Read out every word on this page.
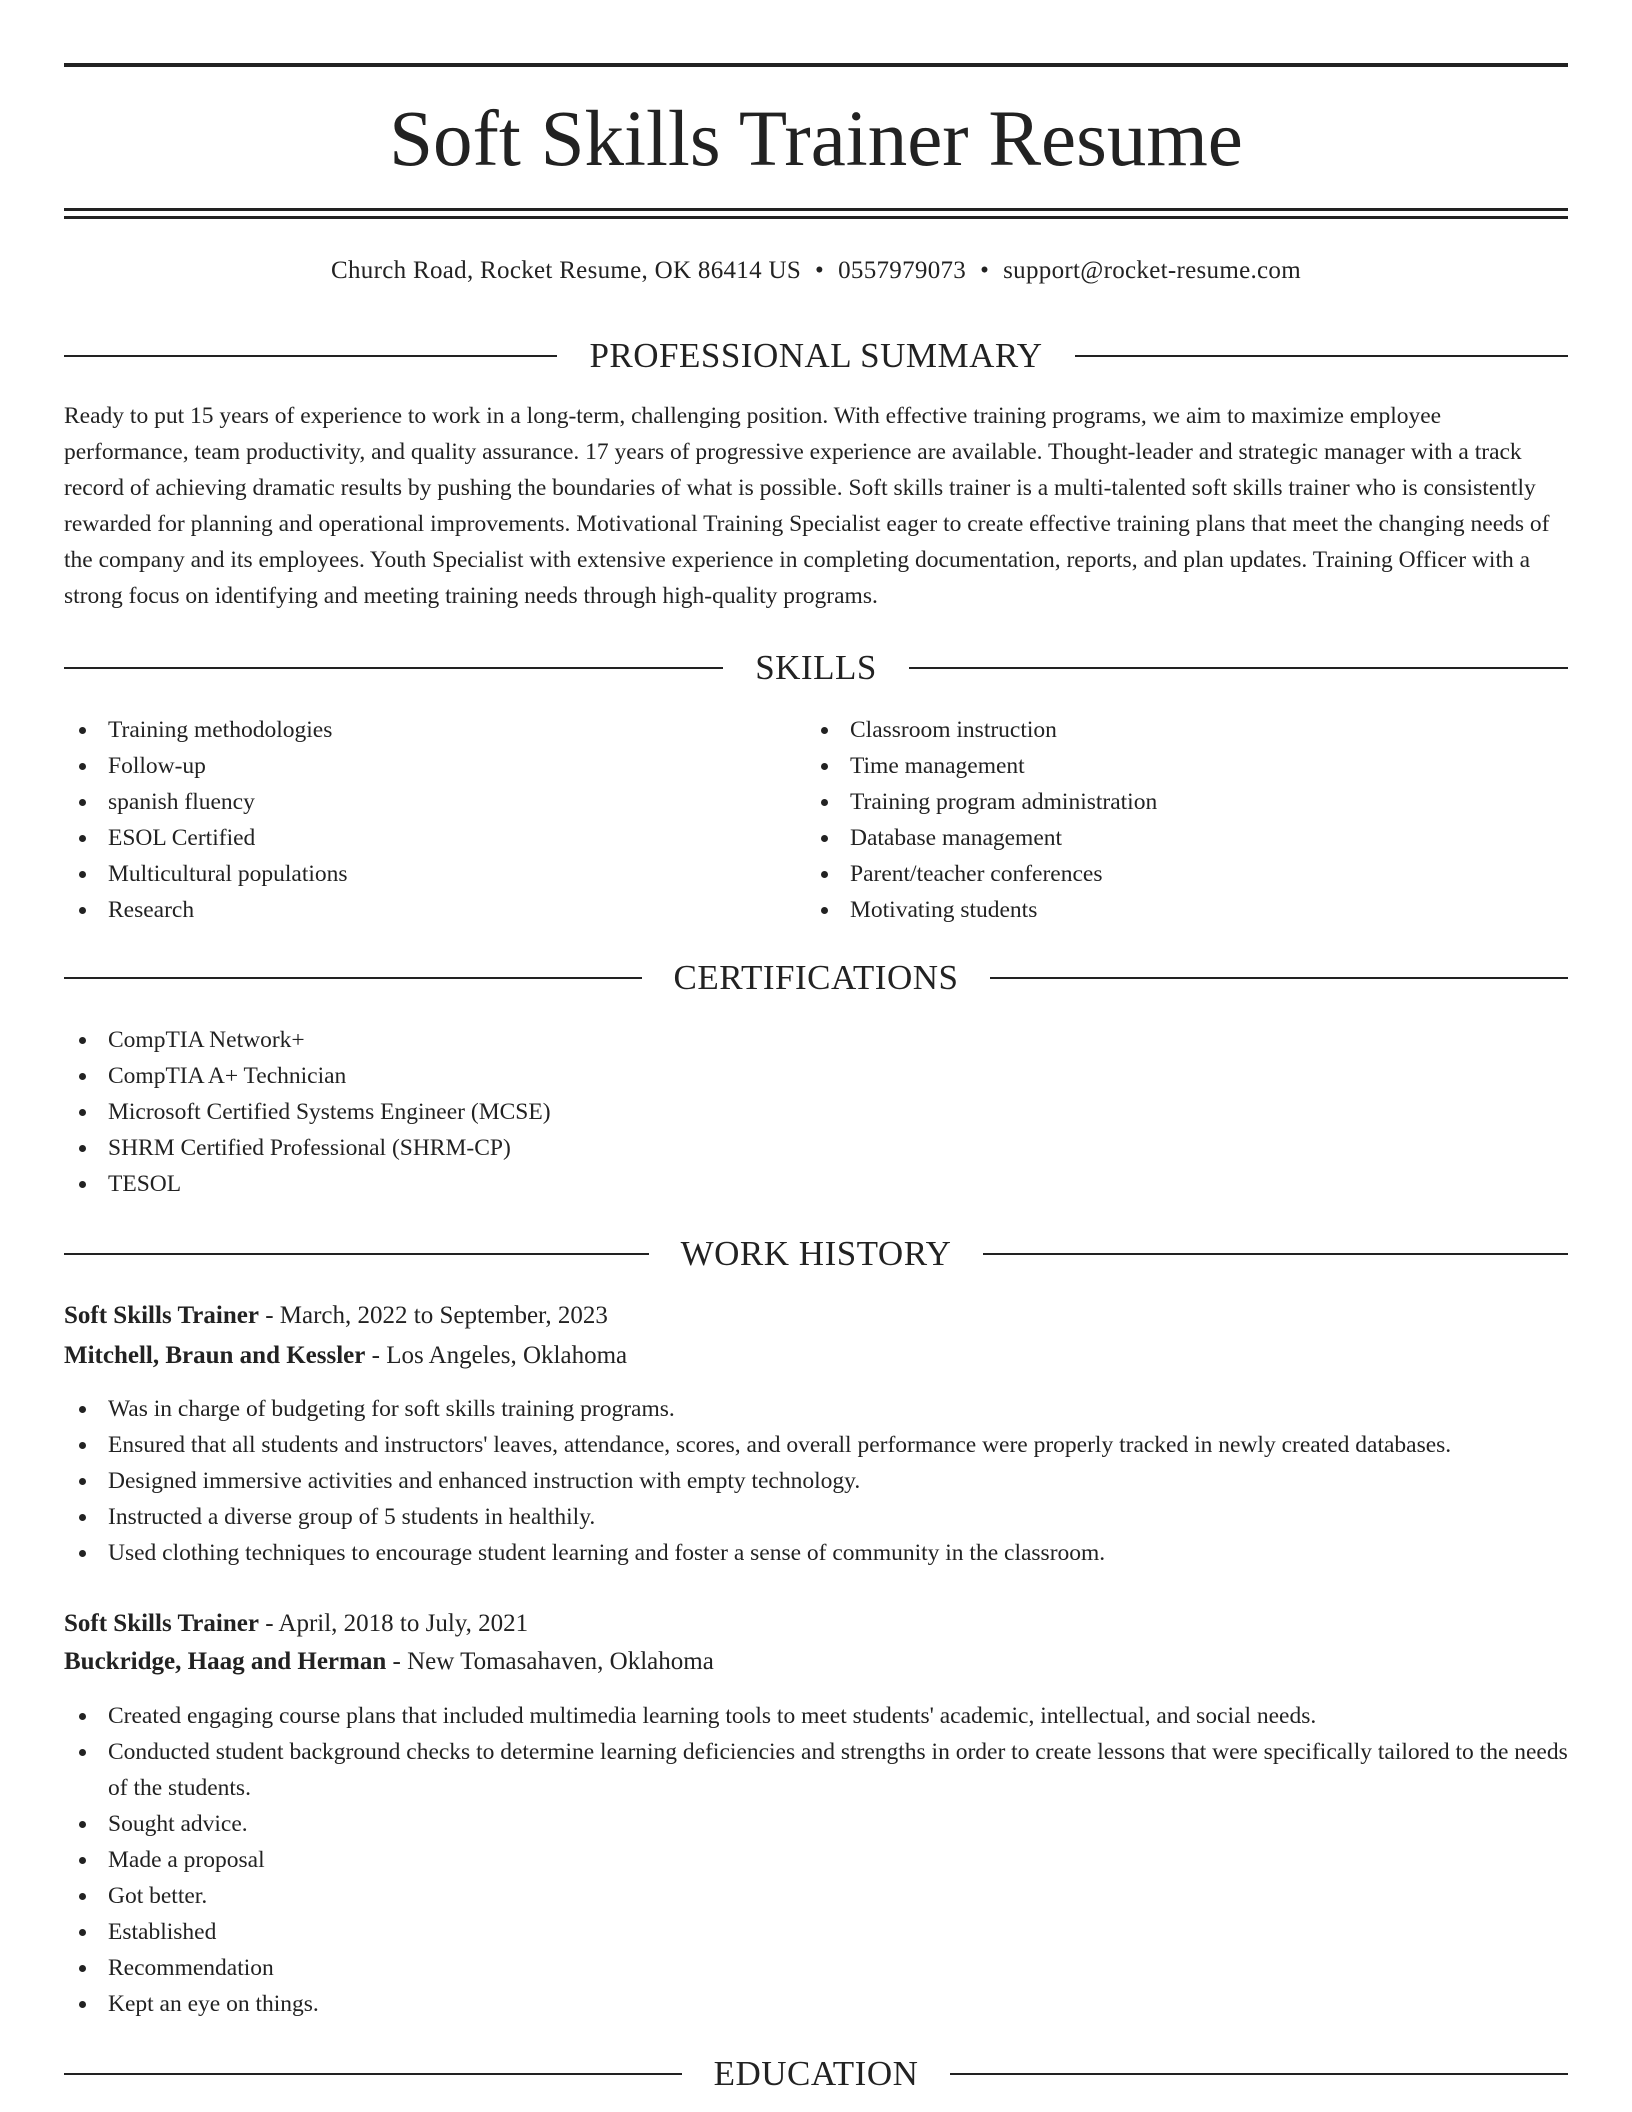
Soft Skills Trainer Resume
Church Road, Rocket Resume, OK 86414 US • 0557979073 • support@rocket-resume.com
PROFESSIONAL SUMMARY

Ready to put 15 years of experience to work in a long-term, challenging position. With effective training programs, we aim to maximize employee performance, team productivity, and quality assurance. 17 years of progressive experience are available. Thought-leader and strategic manager with a track record of achieving dramatic results by pushing the boundaries of what is possible. Soft skills trainer is a multi-talented soft skills trainer who is consistently rewarded for planning and operational improvements. Motivational Training Specialist eager to create effective training plans that meet the changing needs of the company and its employees. Youth Specialist with extensive experience in completing documentation, reports, and plan updates. Training Officer with a strong focus on identifying and meeting training needs through high-quality programs.

SKILLS
Training methodologies
Follow-up
spanish fluency
ESOL Certified
Multicultural populations
Research
Classroom instruction
Time management
Training program administration
Database management
Parent/teacher conferences
Motivating students
CERTIFICATIONS
CompTIA Network+
CompTIA A+ Technician
Microsoft Certified Systems Engineer (MCSE)
SHRM Certified Professional (SHRM-CP)
TESOL
WORK HISTORY
Soft Skills Trainer - March, 2022 to September, 2023
Mitchell, Braun and Kessler - Los Angeles, Oklahoma
Was in charge of budgeting for soft skills training programs.
Ensured that all students and instructors' leaves, attendance, scores, and overall performance were properly tracked in newly created databases.
Designed immersive activities and enhanced instruction with empty technology.
Instructed a diverse group of 5 students in healthily.
Used clothing techniques to encourage student learning and foster a sense of community in the classroom.
Soft Skills Trainer - April, 2018 to July, 2021
Buckridge, Haag and Herman - New Tomasahaven, Oklahoma
Created engaging course plans that included multimedia learning tools to meet students' academic, intellectual, and social needs.
Conducted student background checks to determine learning deficiencies and strengths in order to create lessons that were specifically tailored to the needs of the students.
Sought advice.
Made a proposal
Got better.
Established
Recommendation
Kept an eye on things.
EDUCATION
